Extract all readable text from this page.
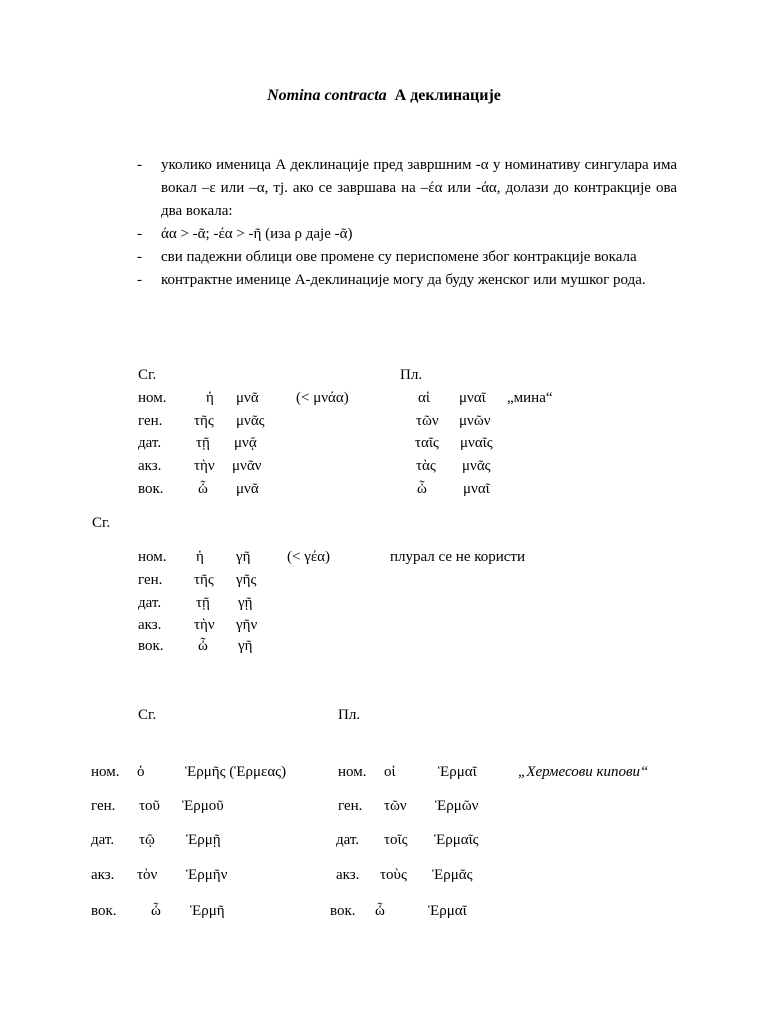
Nomina contracta А деклинације
- уколико именица А деклинације пред завршним -α у номинативу сингулара има вокал –ε или –α, тј. ако се завршава на –έα или -άα, долази до контракције ова два вокала:
- άα > -ᾶ; -έα > -ῆ (иза ρ даје -ᾶ)
- сви падежни облици ове промене су периспомене због контракције вокала
- контрактне именице А-деклинације могу да буду женског или мушког рода.
Сг.	Пл.
ном.	ἡ μνᾶ (< μνάα)	αἱ μναῖ „мина“
ген. τῆς μνᾶς	τῶν μνῶν
дат. τῇ μνᾷ	ταῖς μναῖς
акз. τὴν μνᾶν	τὰς μνᾶς
вок. ὦ μνᾶ	ὦ μναῖ
Сг.
ном. ἡ γῆ (< γέα)	плурал се не користи
ген. τῆς γῆς
дат. τῇ γῇ
акз. τὴν γῆν
вок. ὦ γῆ
Сг.	Пл.
ном. ὁ	Ἑρμῆς (Ἑρμεας)	ном. οἱ	Ἑρμαῖ	„Хермесови кипови“
ген. τοῦ Ἑρμοῦ	ген. τῶν Ἑρμῶν
дат. τῷ Ἑρμῇ	дат. τοῖς Ἑρμαῖς
акз. τὸν Ἑρμῆν	акз. τοὺς Ἑρμᾶς
вок. ὦ Ἑρμῆ	вок. ὦ	Ἑρμαῖ
